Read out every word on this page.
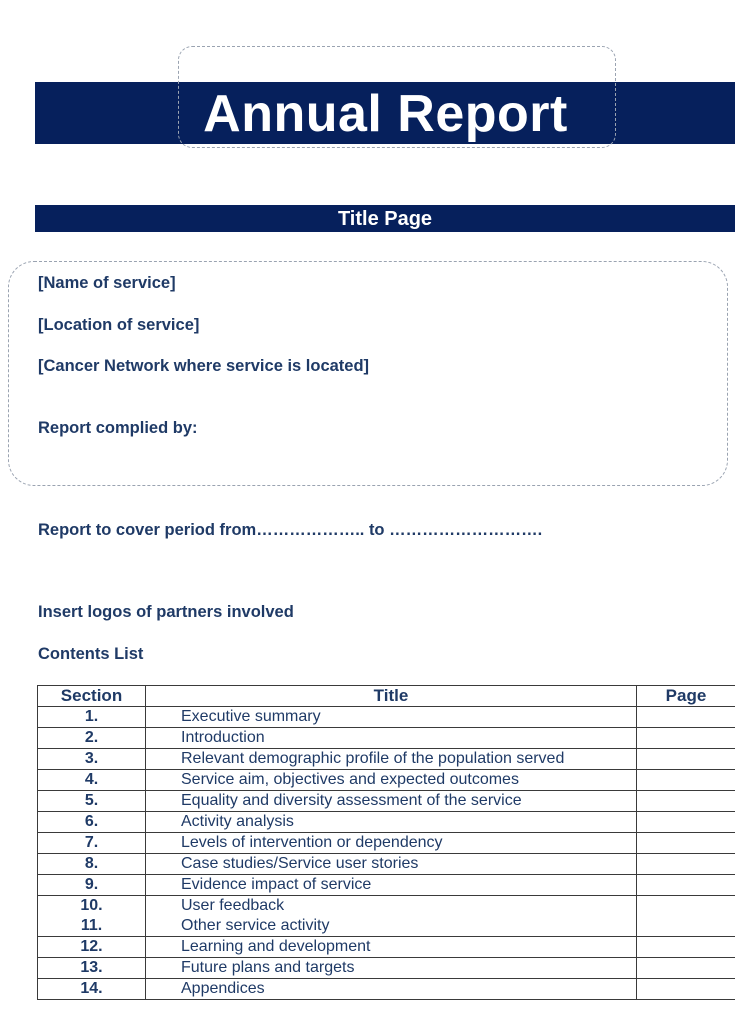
Annual Report
Title Page
[Name of service]
[Location of service]
[Cancer Network where service is located]
Report complied by:
Report to cover period from……………….. to ……………………….
Insert logos of partners involved
Contents List
Section	Title	Page
1.	Executive summary	
2.	Introduction	
3.	Relevant demographic profile of the population served	
4.	Service aim, objectives and expected outcomes	
5.	Equality and diversity assessment of the service	
6.	Activity analysis	
7.	Levels of intervention or dependency	
8.	Case studies/Service user stories	
9.	Evidence impact of service	
10.	User feedback	
11.	Other service activity	
12.	Learning and development	
13.	Future plans and targets	
14.	Appendices	
